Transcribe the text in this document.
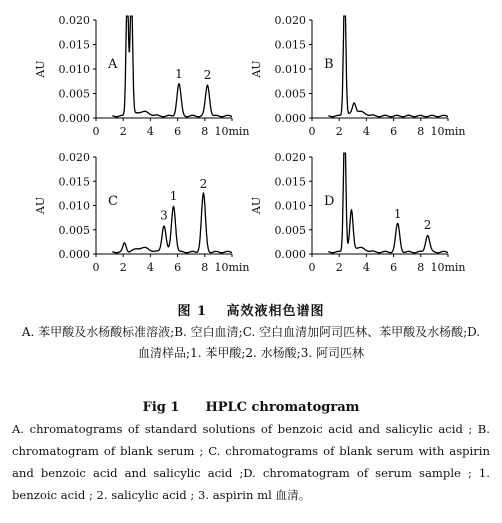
0.020
0.015
0.010
0.005
0.000
AU
0 2 4 6 8 10min
1 2
A
0.020
0.015
0.010
0.005
0.000
AU
0 2 4 6 8 10min
B
0.020
0.015
0.010
0.005
0.000
AU
0 2 4 6 8 10min
3
1
2
C
0.020
0.015
0.010
0.005
0.000
AU
0 2 4 6 8 10min
1
2
D
图 1　 高效液相色谱图
A. 苯甲酸及水杨酸标准溶液;B. 空白血清;C. 空白血清加阿司匹林、苯甲酸及水杨酸;D. 血清样品;1. 苯甲酸;2. 水杨酸;3. 阿司匹林
Fig 1　　HPLC chromatogram
A. chromatograms of standard solutions of benzoic acid and salicylic acid ; B. chromatogram of blank serum ; C. chromatograms of blank serum with aspirin and benzoic acid and salicylic acid ;D. chromatogram of serum sample ; 1. benzoic acid ; 2. salicylic acid ; 3. aspirin ml 血清。
